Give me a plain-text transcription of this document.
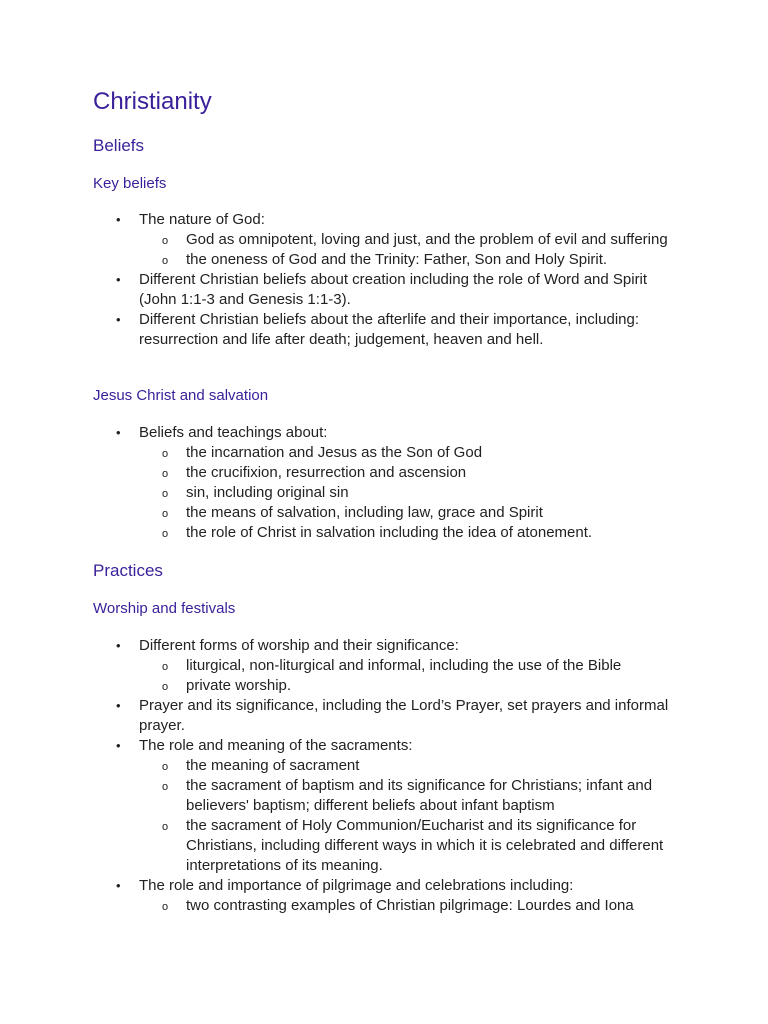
Christianity
Beliefs
Key beliefs
• The nature of God:
o God as omnipotent, loving and just, and the problem of evil and suffering
o the oneness of God and the Trinity: Father, Son and Holy Spirit.
• Different Christian beliefs about creation including the role of Word and Spirit (John 1:1-3 and Genesis 1:1-3).
• Different Christian beliefs about the afterlife and their importance, including: resurrection and life after death; judgement, heaven and hell.
Jesus Christ and salvation
• Beliefs and teachings about:
o the incarnation and Jesus as the Son of God
o the crucifixion, resurrection and ascension
o sin, including original sin
o the means of salvation, including law, grace and Spirit
o the role of Christ in salvation including the idea of atonement.
Practices
Worship and festivals
• Different forms of worship and their significance:
o liturgical, non-liturgical and informal, including the use of the Bible
o private worship.
• Prayer and its significance, including the Lord’s Prayer, set prayers and informal prayer.
• The role and meaning of the sacraments:
o the meaning of sacrament
o the sacrament of baptism and its significance for Christians; infant and believers' baptism; different beliefs about infant baptism
o the sacrament of Holy Communion/Eucharist and its significance for Christians, including different ways in which it is celebrated and different interpretations of its meaning.
• The role and importance of pilgrimage and celebrations including:
o two contrasting examples of Christian pilgrimage: Lourdes and Iona
